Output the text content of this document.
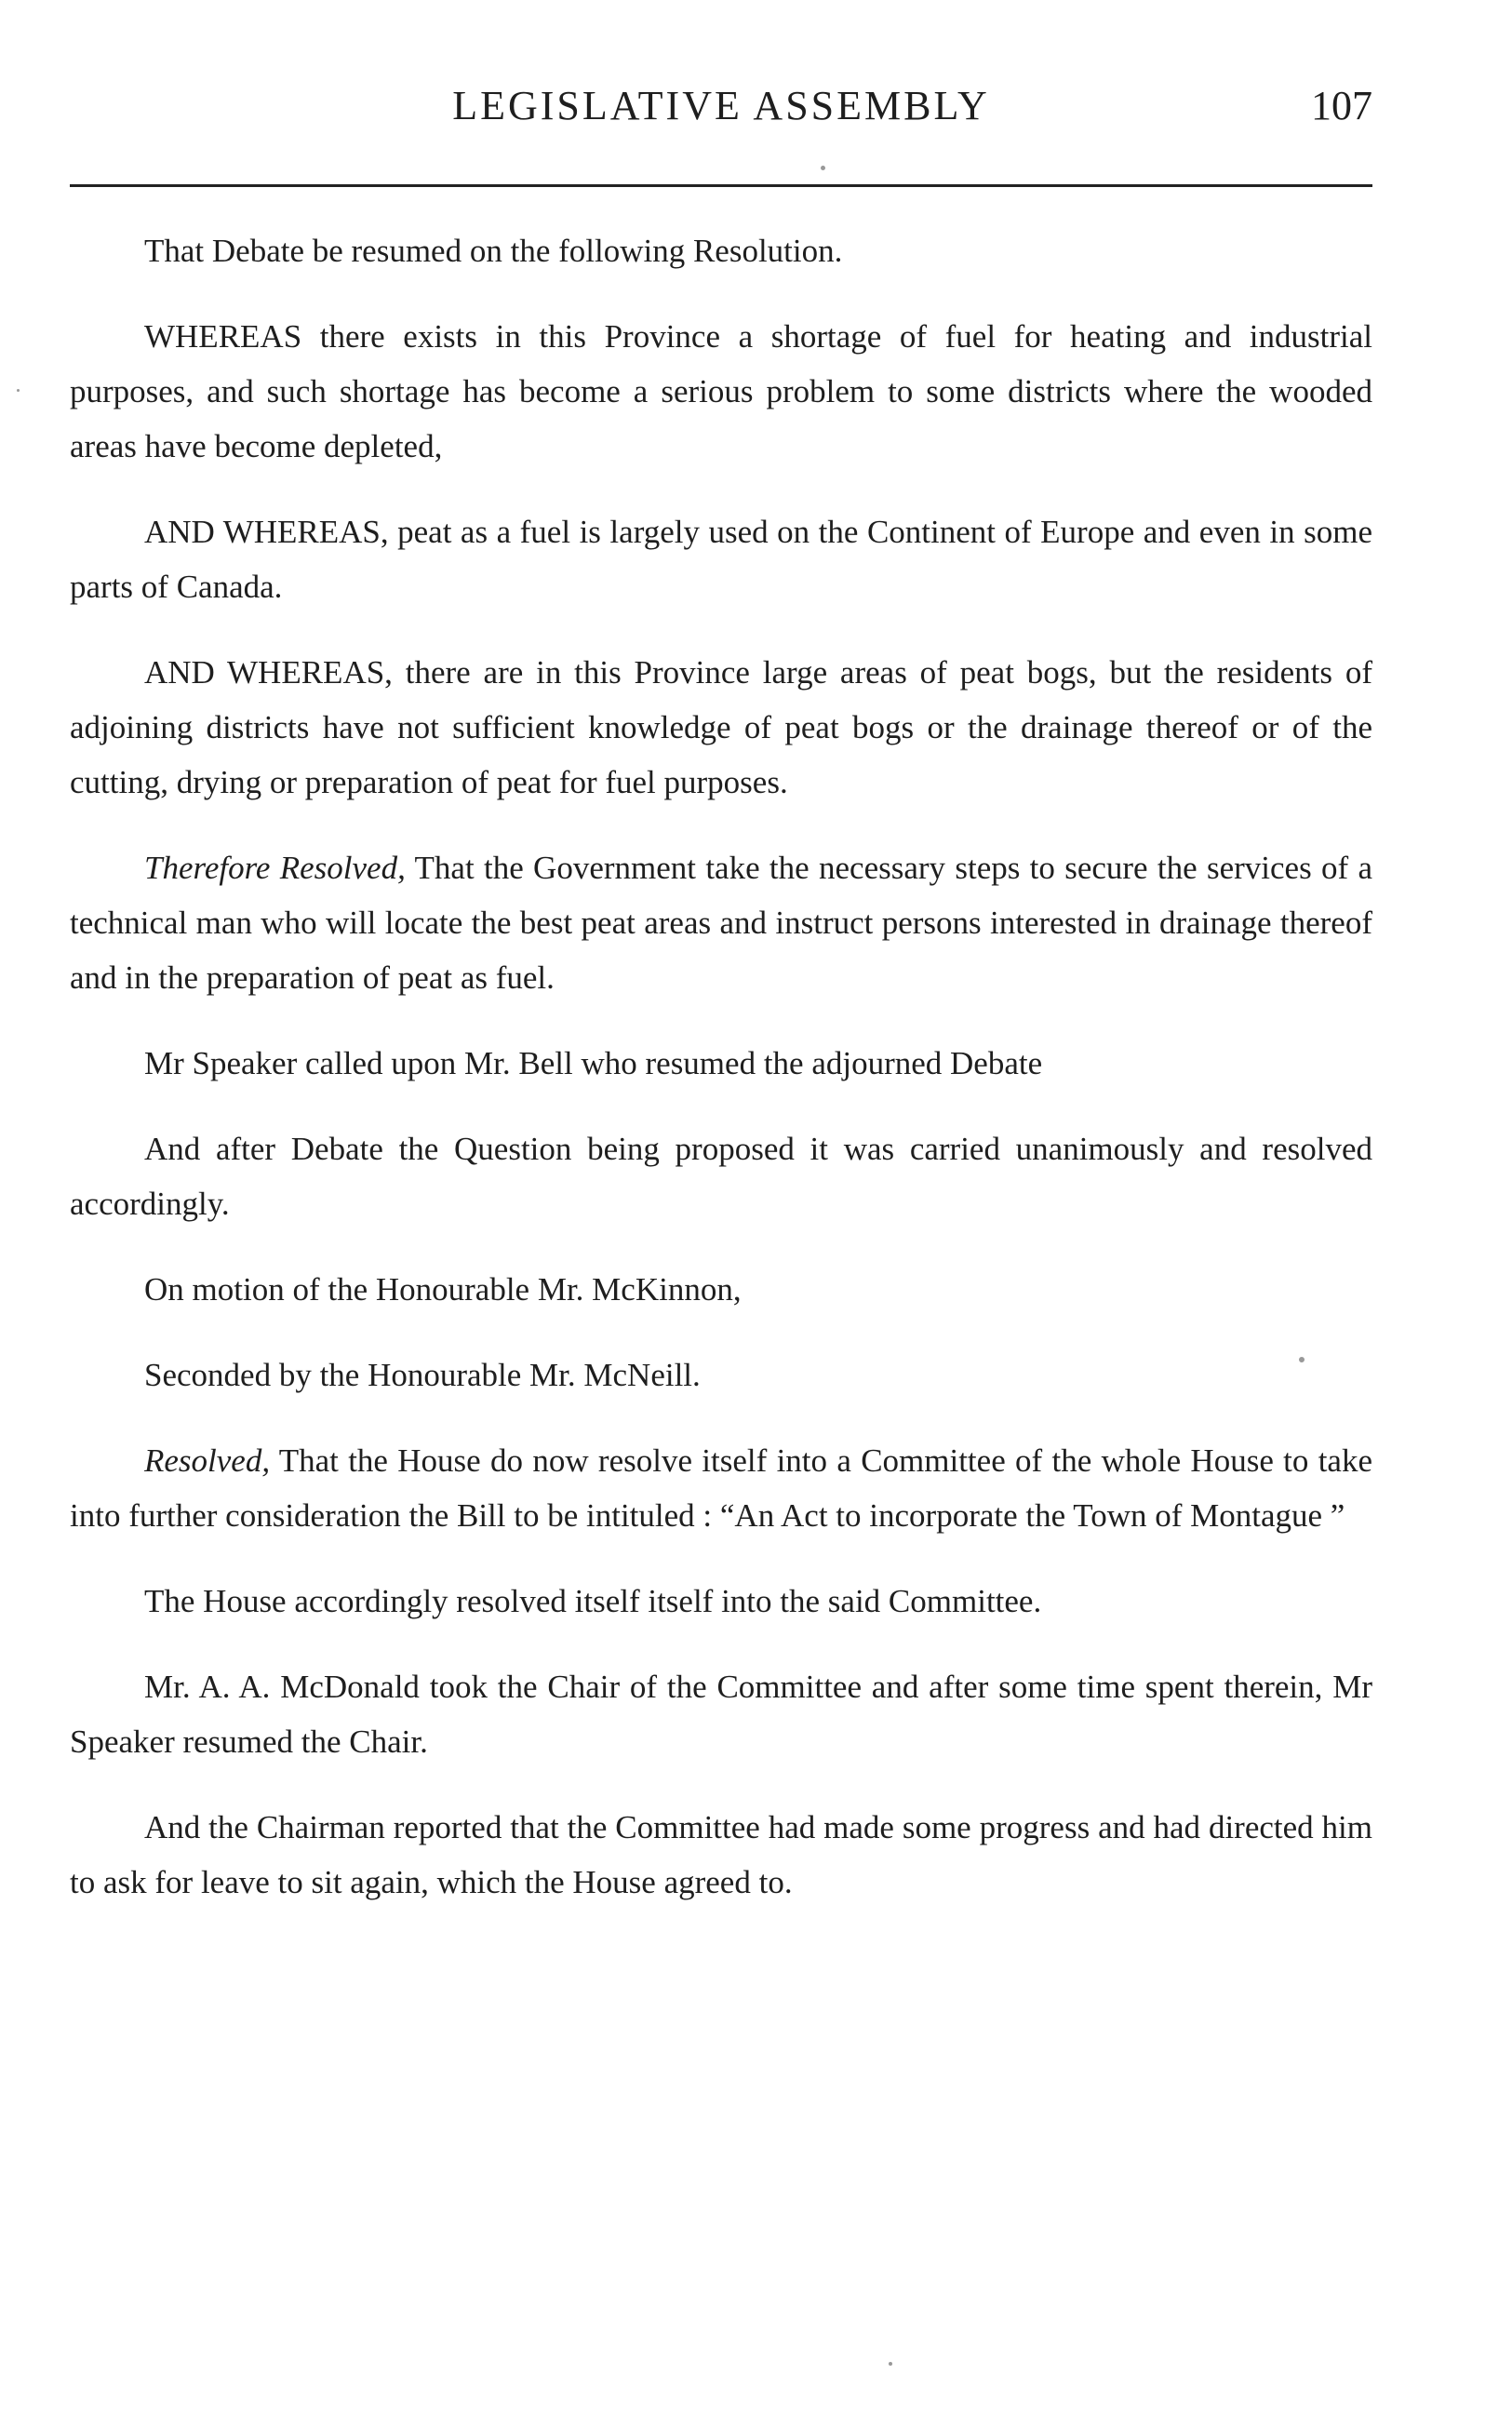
LEGISLATIVE ASSEMBLY	107

That Debate be resumed on the following Resolution.

WHEREAS there exists in this Province a shortage of fuel for heating and industrial purposes, and such shortage has become a serious problem to some districts where the wooded areas have become depleted,

AND WHEREAS, peat as a fuel is largely used on the Continent of Europe and even in some parts of Canada.

AND WHEREAS, there are in this Province large areas of peat bogs, but the residents of adjoining districts have not sufficient knowledge of peat bogs or the drainage thereof or of the cutting, drying or preparation of peat for fuel purposes.

Therefore Resolved, That the Government take the necessary steps to secure the services of a technical man who will locate the best peat areas and instruct persons interested in drainage thereof and in the preparation of peat as fuel.

Mr Speaker called upon Mr. Bell who resumed the adjourned Debate

And after Debate the Question being proposed it was carried unanimously and resolved accordingly.

On motion of the Honourable Mr. McKinnon,

Seconded by the Honourable Mr. McNeill.

Resolved, That the House do now resolve itself into a Committee of the whole House to take into further consideration the Bill to be intituled : “An Act to incorporate the Town of Montague ”

The House accordingly resolved itself itself into the said Committee.

Mr. A. A. McDonald took the Chair of the Committee and after some time spent therein, Mr Speaker resumed the Chair.

And the Chairman reported that the Committee had made some progress and had directed him to ask for leave to sit again, which the House agreed to.
